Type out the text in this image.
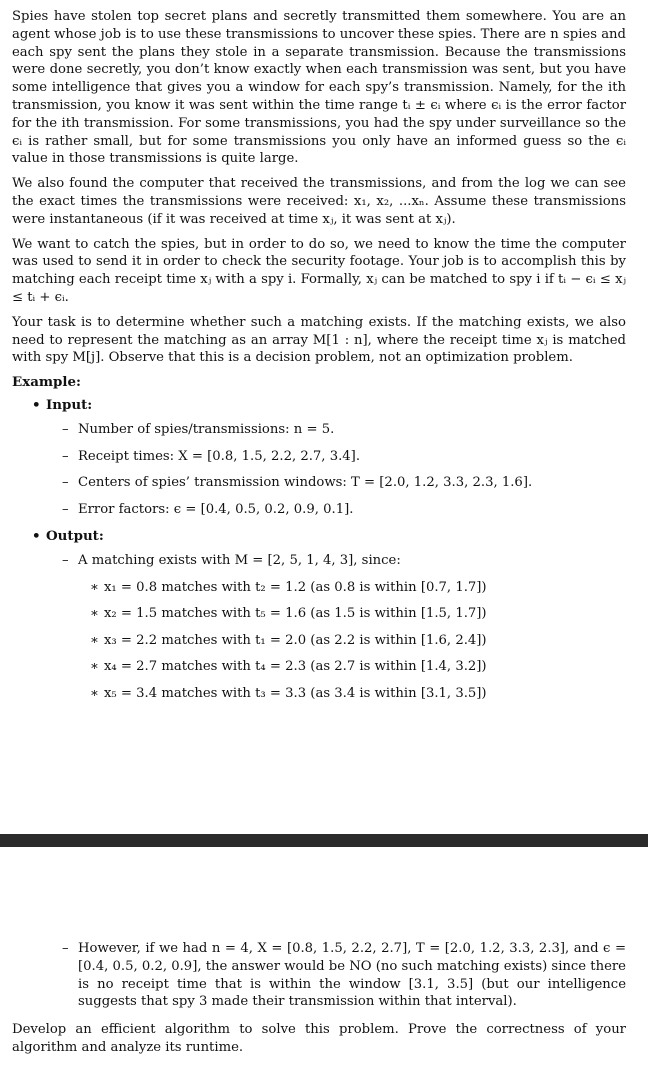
Spies have stolen top secret plans and secretly transmitted them somewhere. You are an agent whose job is to use these transmissions to uncover these spies. There are n spies and each spy sent the plans they stole in a separate transmission. Because the transmissions were done secretly, you don’t know exactly when each transmission was sent, but you have some intelligence that gives you a window for each spy’s transmission. Namely, for the ith transmission, you know it was sent within the time range tᵢ ± ϵᵢ where ϵᵢ is the error factor for the ith transmission. For some transmissions, you had the spy under surveillance so the ϵᵢ is rather small, but for some transmissions you only have an informed guess so the ϵᵢ value in those transmissions is quite large.

We also found the computer that received the transmissions, and from the log we can see the exact times the transmissions were received: x₁, x₂, ...xₙ. Assume these transmissions were instantaneous (if it was received at time xⱼ, it was sent at xⱼ).

We want to catch the spies, but in order to do so, we need to know the time the computer was used to send it in order to check the security footage. Your job is to accomplish this by matching each receipt time xⱼ with a spy i. Formally, xⱼ can be matched to spy i if tᵢ − ϵᵢ ≤ xⱼ ≤ tᵢ + ϵᵢ.

Your task is to determine whether such a matching exists. If the matching exists, we also need to represent the matching as an array M[1 : n], where the receipt time xⱼ is matched with spy M[j]. Observe that this is a decision problem, not an optimization problem.

Example:
• Input:
– Number of spies/transmissions: n = 5.
– Receipt times: X = [0.8, 1.5, 2.2, 2.7, 3.4].
– Centers of spies’ transmission windows: T = [2.0, 1.2, 3.3, 2.3, 1.6].
– Error factors: ϵ = [0.4, 0.5, 0.2, 0.9, 0.1].
• Output:
– A matching exists with M = [2, 5, 1, 4, 3], since:
∗ x₁ = 0.8 matches with t₂ = 1.2 (as 0.8 is within [0.7, 1.7])
∗ x₂ = 1.5 matches with t₅ = 1.6 (as 1.5 is within [1.5, 1.7])
∗ x₃ = 2.2 matches with t₁ = 2.0 (as 2.2 is within [1.6, 2.4])
∗ x₄ = 2.7 matches with t₄ = 2.3 (as 2.7 is within [1.4, 3.2])
∗ x₅ = 3.4 matches with t₃ = 3.3 (as 3.4 is within [3.1, 3.5])
– However, if we had n = 4, X = [0.8, 1.5, 2.2, 2.7], T = [2.0, 1.2, 3.3, 2.3], and ϵ = [0.4, 0.5, 0.2, 0.9], the answer would be NO (no such matching exists) since there is no receipt time that is within the window [3.1, 3.5] (but our intelligence suggests that spy 3 made their transmission within that interval).

Develop an efficient algorithm to solve this problem. Prove the correctness of your algorithm and analyze its runtime.
